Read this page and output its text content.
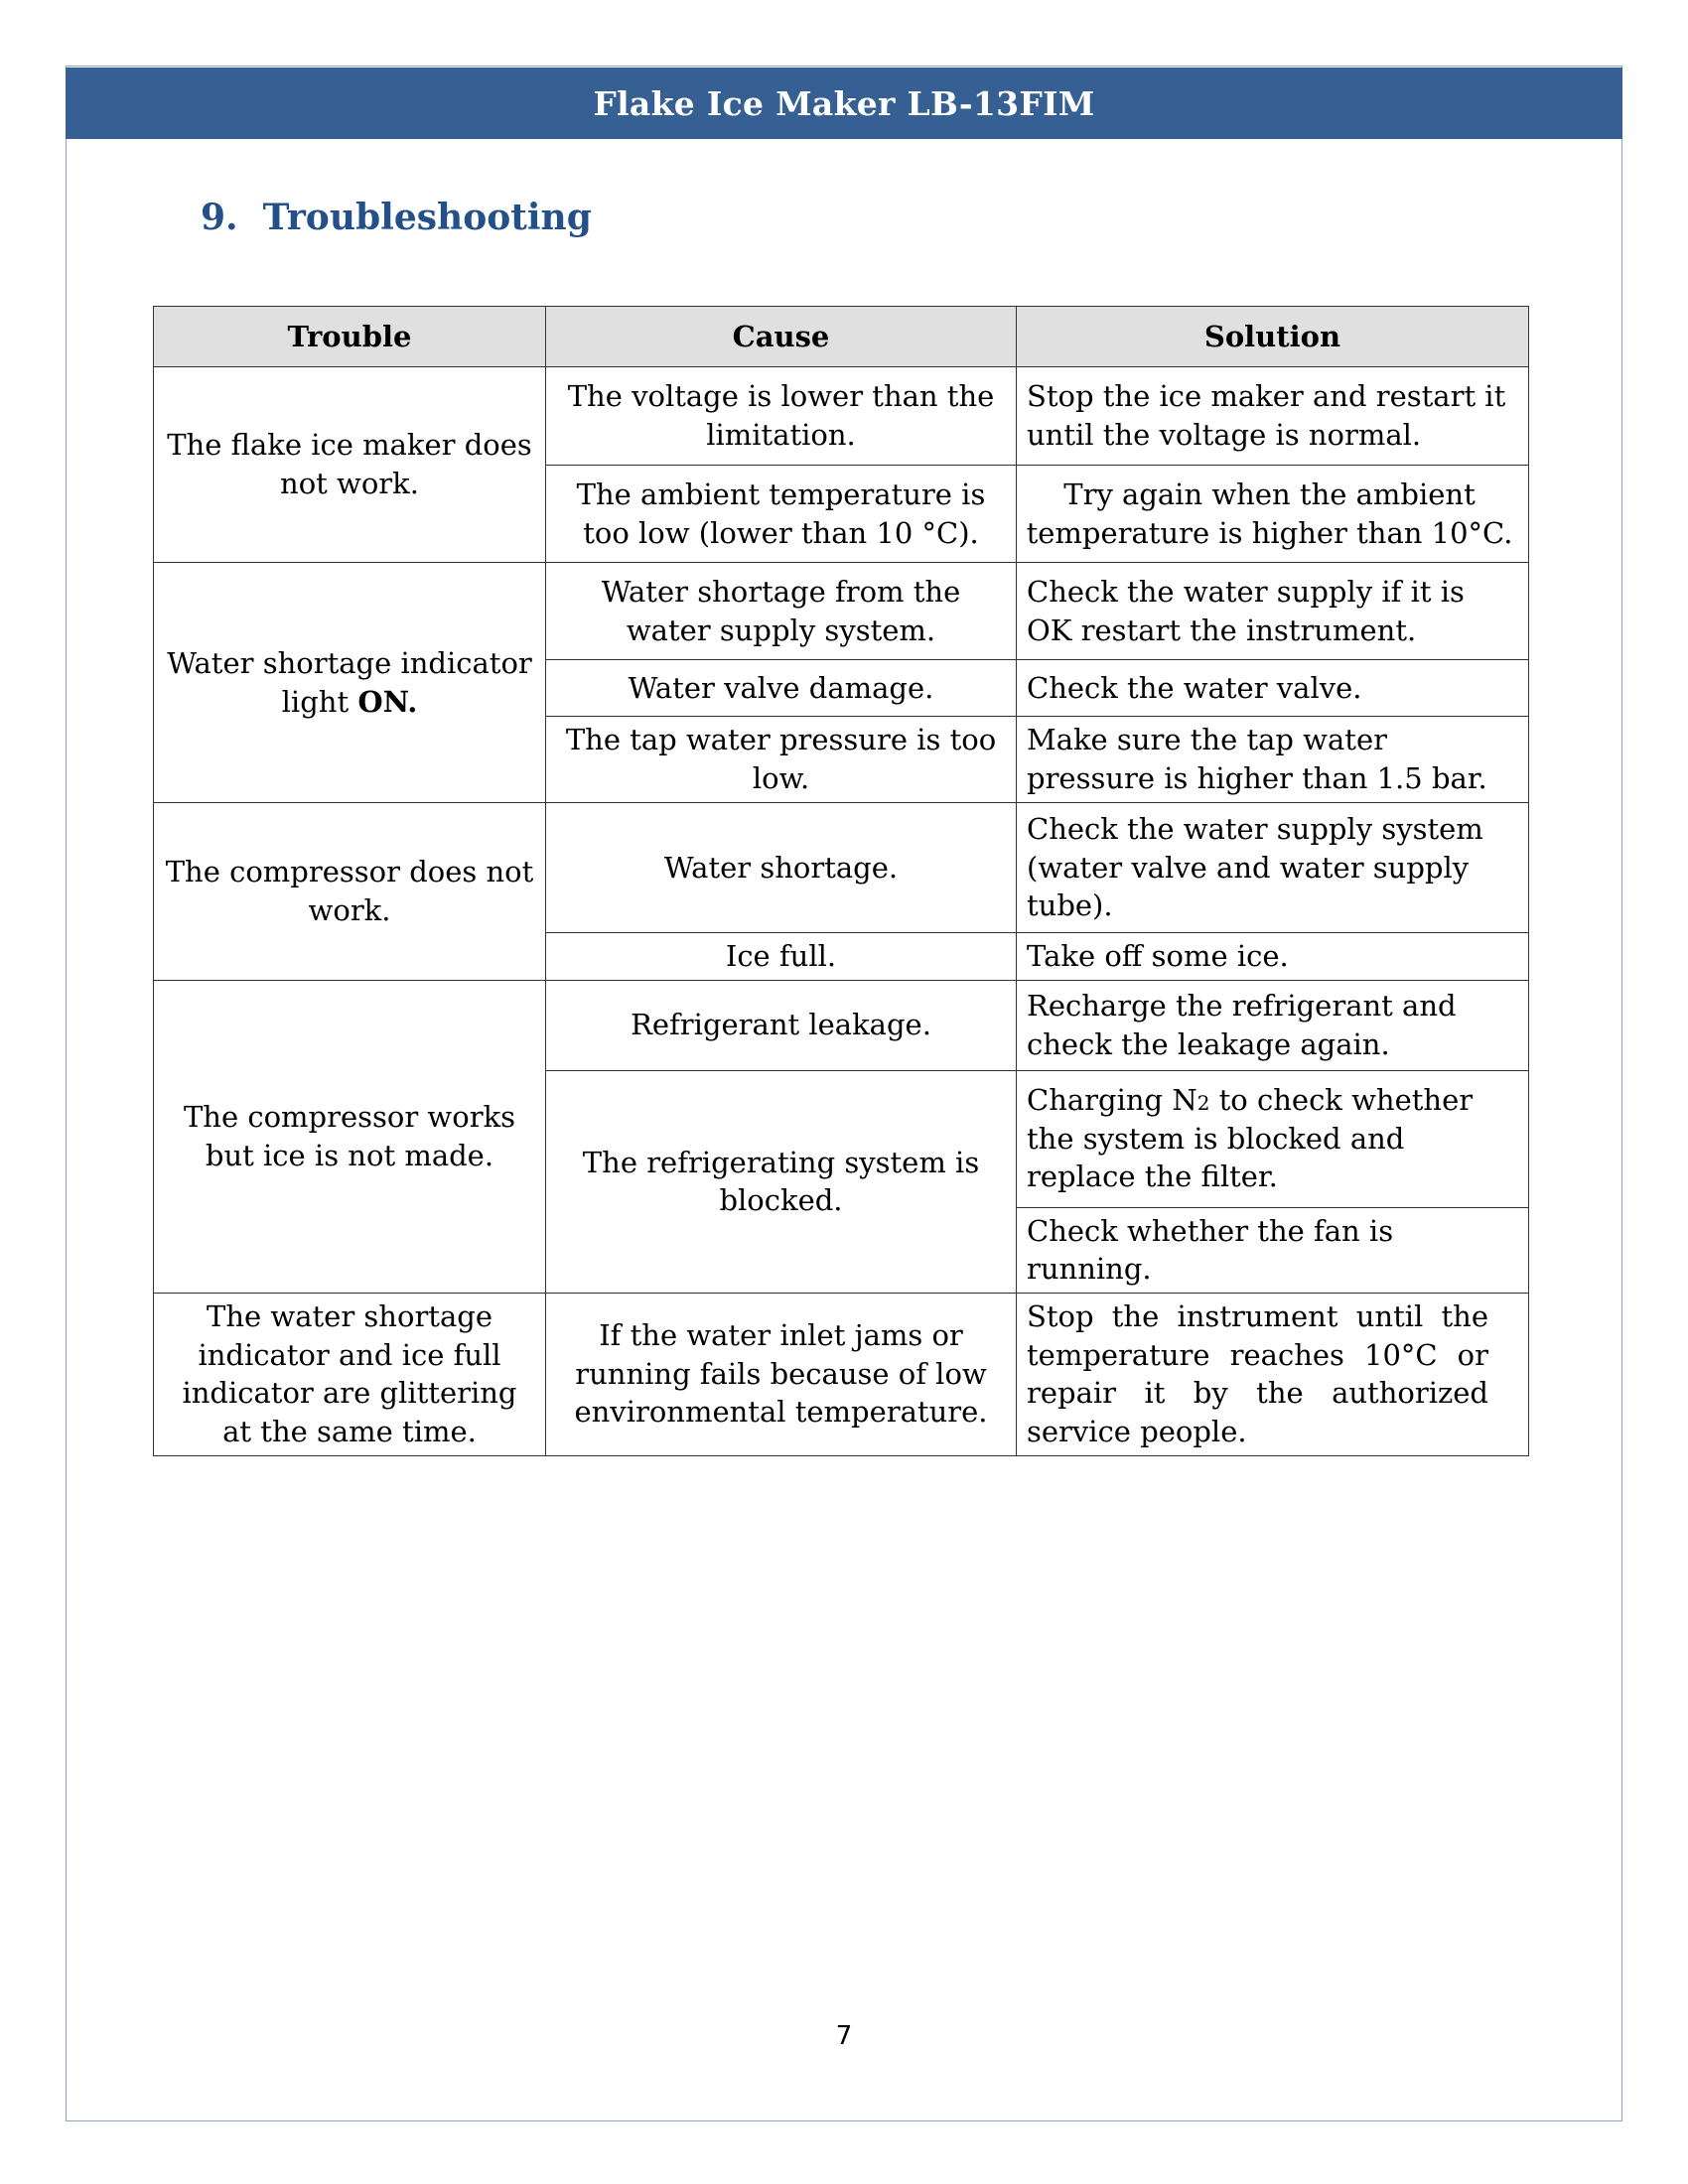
Flake Ice Maker LB-13FIM
9. Troubleshooting
Trouble	Cause	Solution
The flake ice maker does not work.	The voltage is lower than the limitation.	Stop the ice maker and restart it until the voltage is normal.
	The ambient temperature is too low (lower than 10 °C).	Try again when the ambient temperature is higher than 10°C.
Water shortage indicator light ON.	Water shortage from the water supply system.	Check the water supply if it is OK restart the instrument.
	Water valve damage.	Check the water valve.
	The tap water pressure is too low.	Make sure the tap water pressure is higher than 1.5 bar.
The compressor does not work.	Water shortage.	Check the water supply system (water valve and water supply tube).
	Ice full.	Take off some ice.
The compressor works but ice is not made.	Refrigerant leakage.	Recharge the refrigerant and check the leakage again.
	The refrigerating system is blocked.	Charging N2 to check whether the system is blocked and replace the filter.
		Check whether the fan is running.
The water shortage indicator and ice full indicator are glittering at the same time.	If the water inlet jams or running fails because of low environmental temperature.	Stop the instrument until the temperature reaches 10°C or repair it by the authorized service people.
7
